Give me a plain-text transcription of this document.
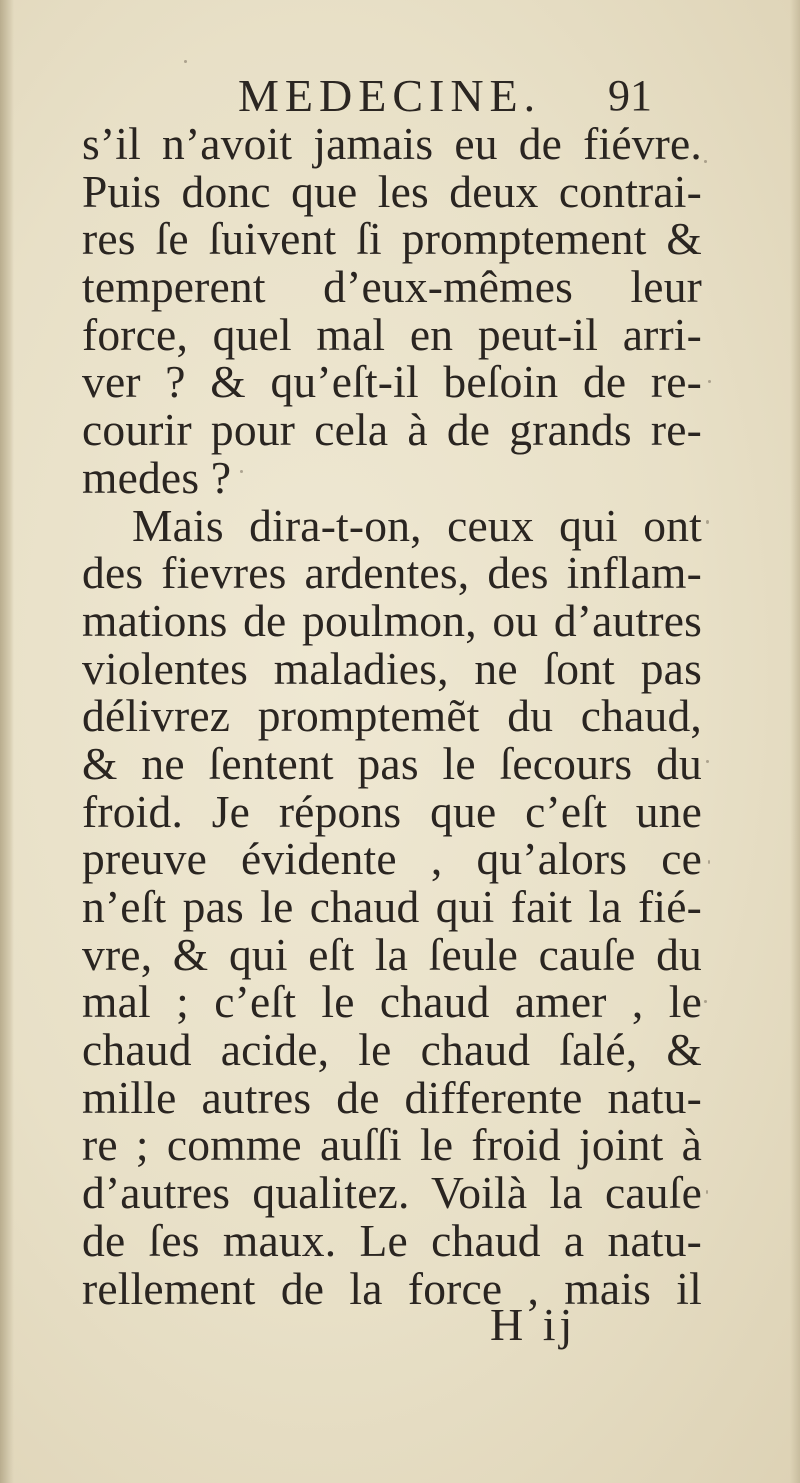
MEDECINE. 91
s’il n’avoit jamais eu de fiévre.
Puis donc que les deux contrai-
res ſe ſuivent ſi promptement &
temperent d’eux-mêmes leur
force, quel mal en peut-il arri-
ver ? & qu’eſt-il beſoin de re-
courir pour cela à de grands re-
medes ?
Mais dira-t-on, ceux qui ont
des fievres ardentes, des inflam-
mations de poulmon, ou d’autres
violentes maladies, ne ſont pas
délivrez promptemẽt du chaud,
& ne ſentent pas le ſecours du
froid. Je répons que c’eſt une
preuve évidente , qu’alors ce
n’eſt pas le chaud qui fait la fié-
vre, & qui eſt la ſeule cauſe du
mal ; c’eſt le chaud amer , le
chaud acide, le chaud ſalé, &
mille autres de differente natu-
re ; comme auſſi le froid joint à
d’autres qualitez. Voilà la cauſe
de ſes maux. Le chaud a natu-
rellement de la force , mais il
H ij
